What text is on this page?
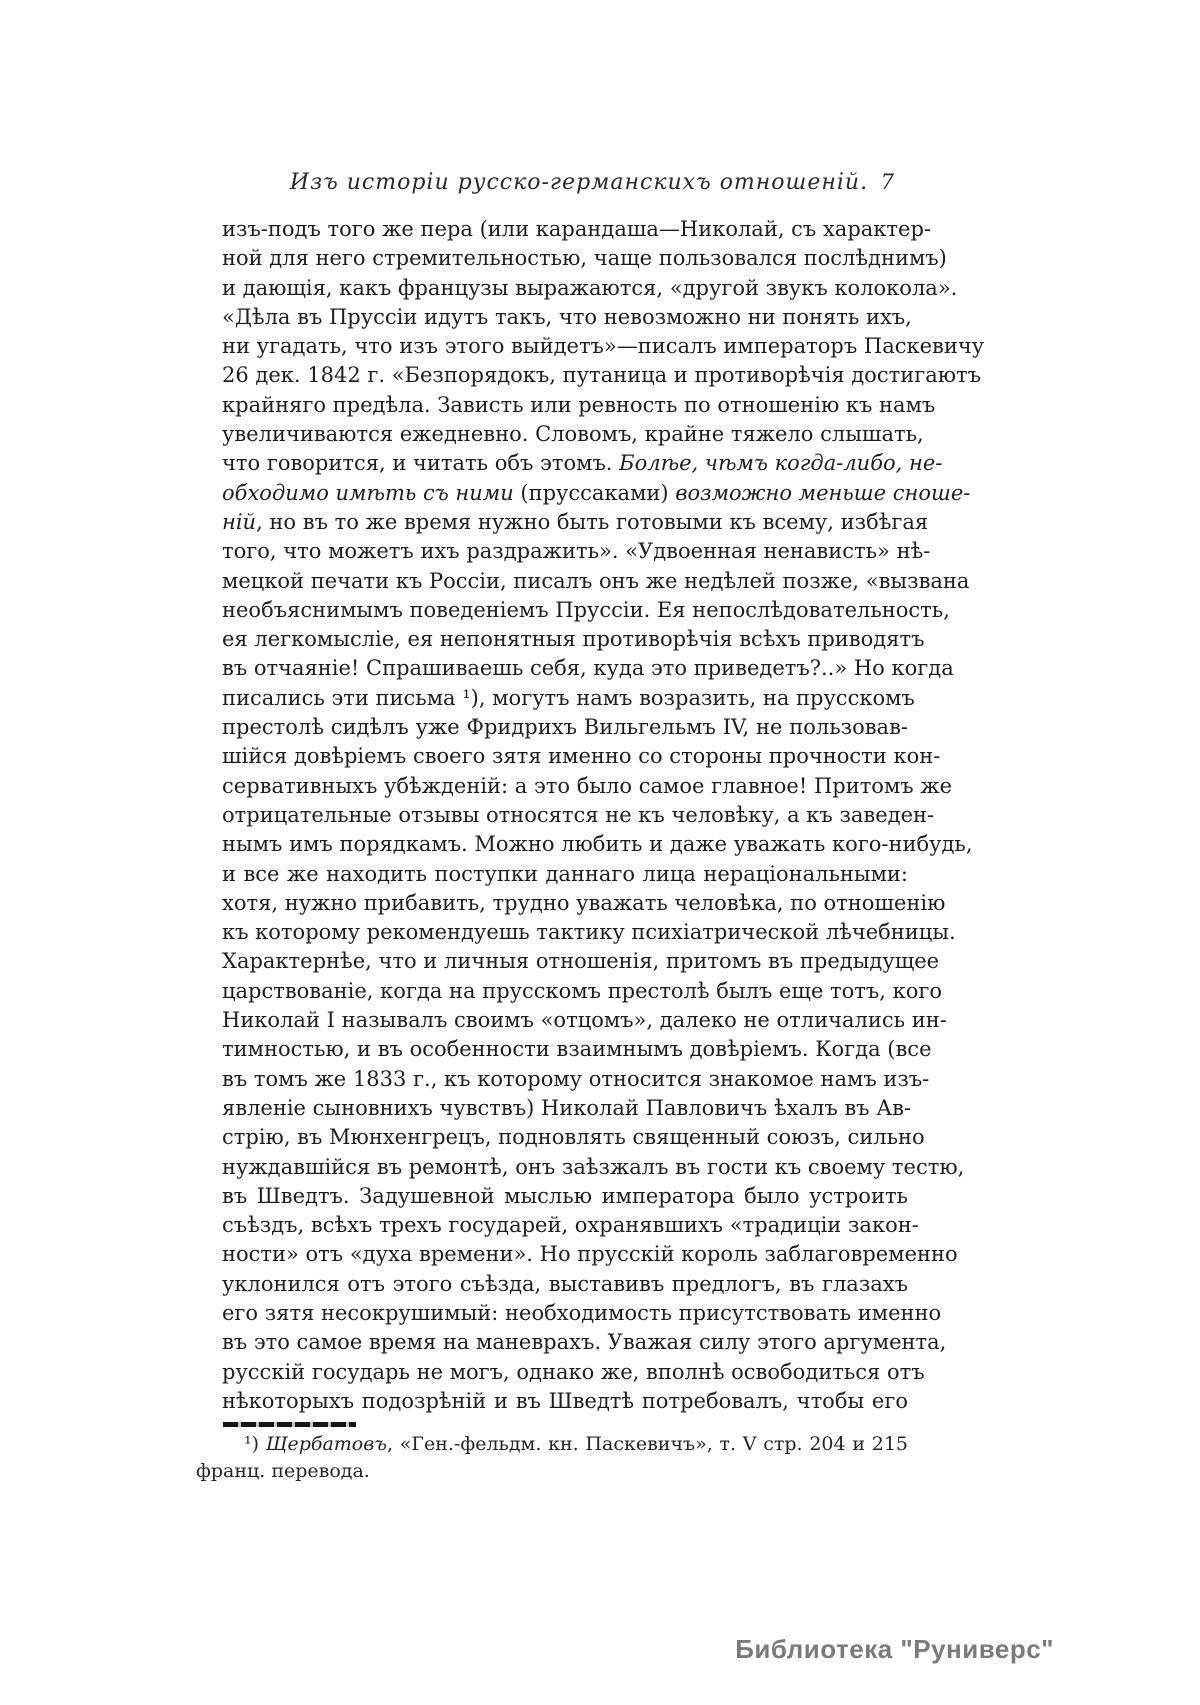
Изъ исторіи русско-германскихъ отношеній. 7
изъ-подъ того же пера (или карандаша—Николай, съ характер-
ной для него стремительностью, чаще пользовался послѣднимъ)
и дающія, какъ французы выражаются, «другой звукъ колокола».
«Дѣла въ Пруссіи идутъ такъ, что невозможно ни понять ихъ,
ни угадать, что изъ этого выйдетъ»—писалъ императоръ Паскевичу
26 дек. 1842 г. «Безпорядокъ, путаница и противорѣчія достигаютъ
крайняго предѣла. Зависть или ревность по отношенію къ намъ
увеличиваются ежедневно. Словомъ, крайне тяжело слышать,
что говорится, и читать объ этомъ. Болѣе, чѣмъ когда-либо, не-
обходимо имѣть съ ними (пруссаками) возможно меньше сноше-
ній, но въ то же время нужно быть готовыми къ всему, избѣгая
того, что можетъ ихъ раздражить». «Удвоенная ненависть» нѣ-
мецкой печати къ Россіи, писалъ онъ же недѣлей позже, «вызвана
необъяснимымъ поведеніемъ Пруссіи. Ея непослѣдовательность,
ея легкомысліе, ея непонятныя противорѣчія всѣхъ приводятъ
въ отчаяніе! Спрашиваешь себя, куда это приведетъ?..» Но когда
писались эти письма ¹), могутъ намъ возразить, на прусскомъ
престолѣ сидѣлъ уже Фридрихъ Вильгельмъ IV, не пользовав-
шійся довѣріемъ своего зятя именно со стороны прочности кон-
сервативныхъ убѣжденій: а это было самое главное! Притомъ же
отрицательные отзывы относятся не къ человѣку, а къ заведен-
нымъ имъ порядкамъ. Можно любить и даже уважать кого-нибудь,
и все же находить поступки даннаго лица нераціональными:
хотя, нужно прибавить, трудно уважать человѣка, по отношенію
къ которому рекомендуешь тактику психіатрической лѣчебницы.
Характернѣе, что и личныя отношенія, притомъ въ предыдущее
царствованіе, когда на прусскомъ престолѣ былъ еще тотъ, кого
Николай I называлъ своимъ «отцомъ», далеко не отличались ин-
тимностью, и въ особенности взаимнымъ довѣріемъ. Когда (все
въ томъ же 1833 г., къ которому относится знакомое намъ изъ-
явленіе сыновнихъ чувствъ) Николай Павловичъ ѣхалъ въ Ав-
стрію, въ Мюнхенгрецъ, подновлять священный союзъ, сильно
нуждавшійся въ ремонтѣ, онъ заѣзжалъ въ гости къ своему тестю,
въ Шведтъ. Задушевной мыслью императора было устроить
съѣздъ, всѣхъ трехъ государей, охранявшихъ «традиціи закон-
ности» отъ «духа времени». Но прусскій король заблаговременно
уклонился отъ этого съѣзда, выставивъ предлогъ, въ глазахъ
его зятя несокрушимый: необходимость присутствовать именно
въ это самое время на маневрахъ. Уважая силу этого аргумента,
русскій государь не могъ, однако же, вполнѣ освободиться отъ
нѣкоторыхъ подозрѣній и въ Шведтѣ потребовалъ, чтобы его
¹) Щербатовъ, «Ген.-фельдм. кн. Паскевичъ», т. V стр. 204 и 215
франц. перевода.
Библиотека "Руниверс"
